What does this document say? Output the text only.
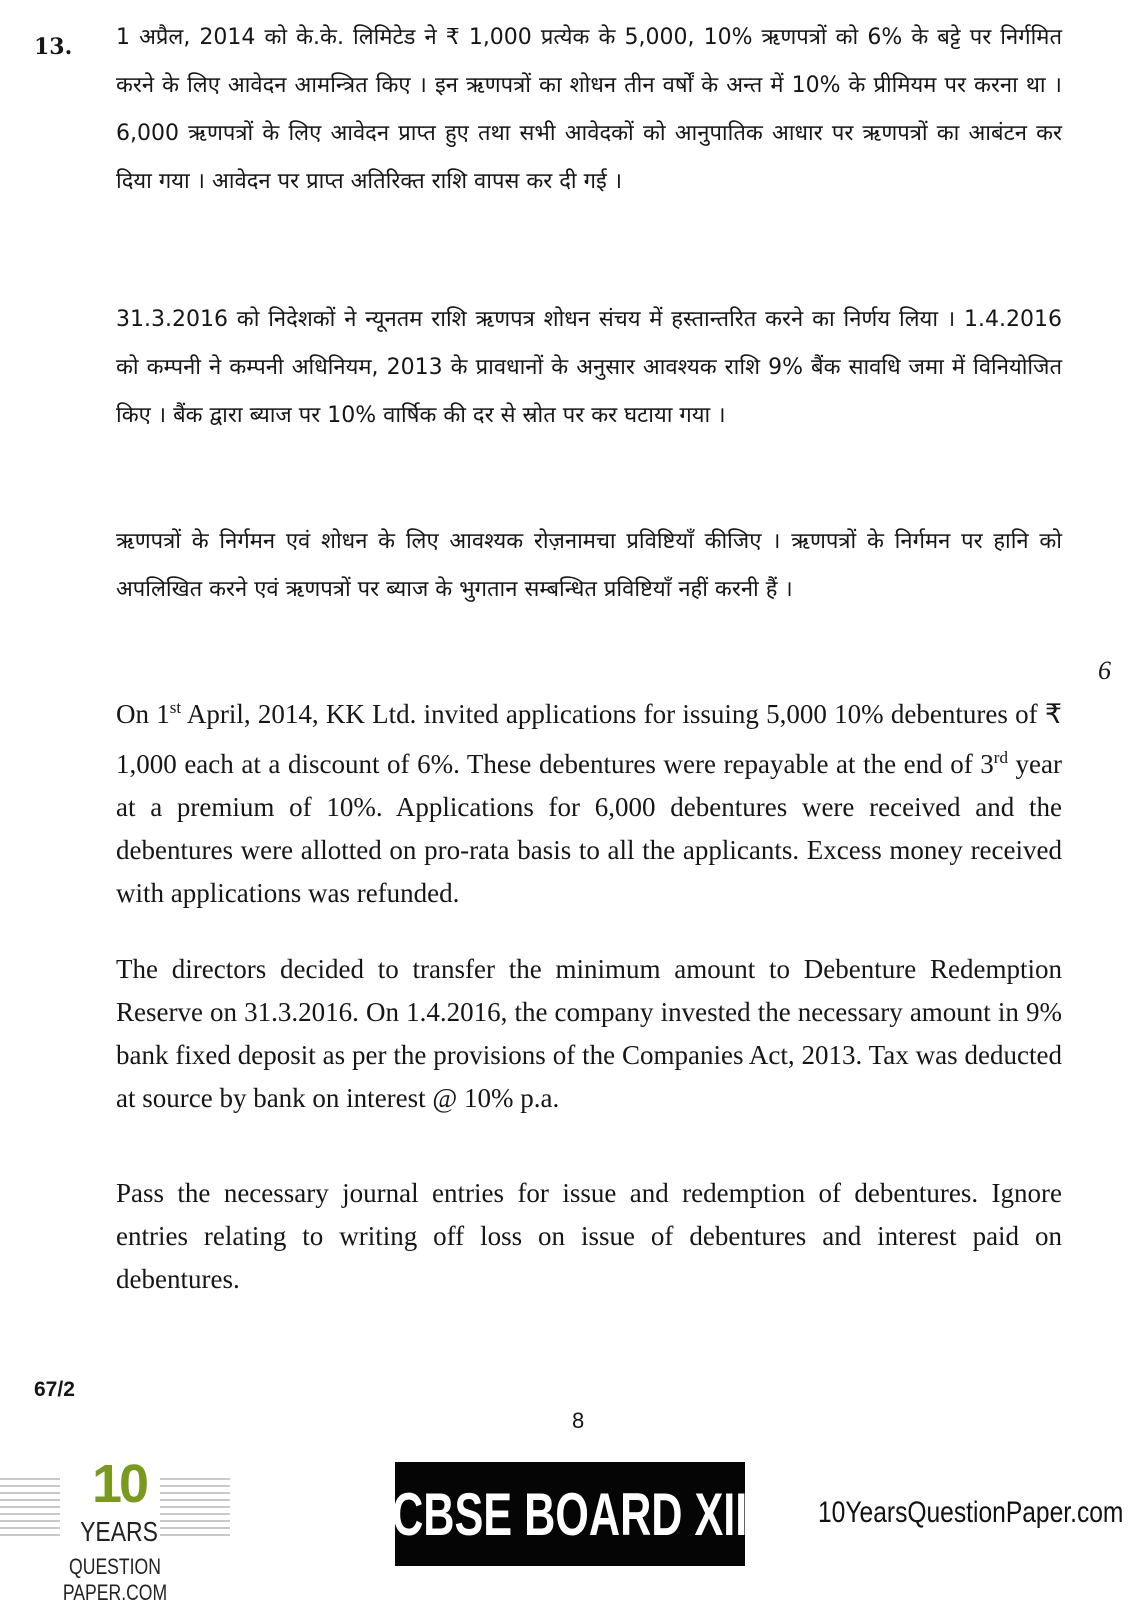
13. 1 अप्रैल, 2014 को के.के. लिमिटेड ने ₹ 1,000 प्रत्येक के 5,000, 10% ऋणपत्रों को 6% के बट्टे पर निर्गमित करने के लिए आवेदन आमन्त्रित किए । इन ऋणपत्रों का शोधन तीन वर्षों के अन्त में 10% के प्रीमियम पर करना था । 6,000 ऋणपत्रों के लिए आवेदन प्राप्त हुए तथा सभी आवेदकों को आनुपातिक आधार पर ऋणपत्रों का आबंटन कर दिया गया । आवेदन पर प्राप्त अतिरिक्त राशि वापस कर दी गई ।

31.3.2016 को निदेशकों ने न्यूनतम राशि ऋणपत्र शोधन संचय में हस्तान्तरित करने का निर्णय लिया । 1.4.2016 को कम्पनी ने कम्पनी अधिनियम, 2013 के प्रावधानों के अनुसार आवश्यक राशि 9% बैंक सावधि जमा में विनियोजित किए । बैंक द्वारा ब्याज पर 10% वार्षिक की दर से स्रोत पर कर घटाया गया ।

ऋणपत्रों के निर्गमन एवं शोधन के लिए आवश्यक रोज़नामचा प्रविष्टियाँ कीजिए । ऋणपत्रों के निर्गमन पर हानि को अपलिखित करने एवं ऋणपत्रों पर ब्याज के भुगतान सम्बन्धित प्रविष्टियाँ नहीं करनी हैं ।

6

On 1st April, 2014, KK Ltd. invited applications for issuing 5,000 10% debentures of ₹ 1,000 each at a discount of 6%. These debentures were repayable at the end of 3rd year at a premium of 10%. Applications for 6,000 debentures were received and the debentures were allotted on pro-rata basis to all the applicants. Excess money received with applications was refunded.

The directors decided to transfer the minimum amount to Debenture Redemption Reserve on 31.3.2016. On 1.4.2016, the company invested the necessary amount in 9% bank fixed deposit as per the provisions of the Companies Act, 2013. Tax was deducted at source by bank on interest @ 10% p.a.

Pass the necessary journal entries for issue and redemption of debentures. Ignore entries relating to writing off loss on issue of debentures and interest paid on debentures.

67/2
8
10
YEARS
QUESTION PAPER.COM
CBSE BOARD XII 10YearsQuestionPaper.com
